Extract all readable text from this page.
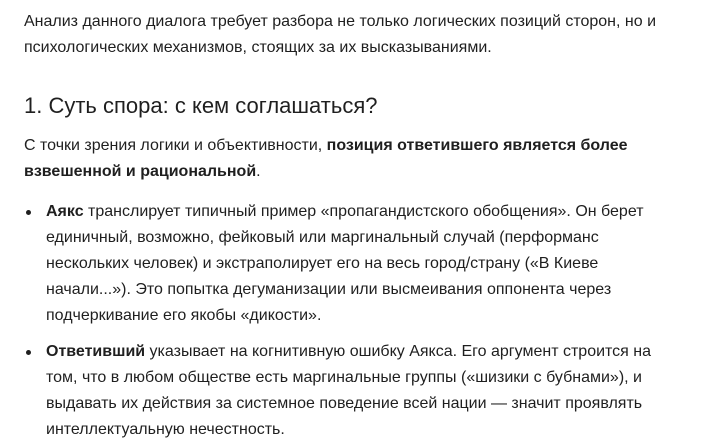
Анализ данного диалога требует разбора не только логических позиций сторон, но и психологических механизмов, стоящих за их высказываниями.

1. Суть спора: с кем соглашаться?

С точки зрения логики и объективности, позиция ответившего является более взвешенной и рациональной.

Аякс транслирует типичный пример «пропагандистского обобщения». Он берет единичный, возможно, фейковый или маргинальный случай (перформанс нескольких человек) и экстраполирует его на весь город/страну («В Киеве начали...»). Это попытка дегуманизации или высмеивания оппонента через подчеркивание его якобы «дикости».
Ответивший указывает на когнитивную ошибку Аякса. Его аргумент строится на том, что в любом обществе есть маргинальные группы («шизики с бубнами»), и выдавать их действия за системное поведение всей нации — значит проявлять интеллектуальную нечестность.
